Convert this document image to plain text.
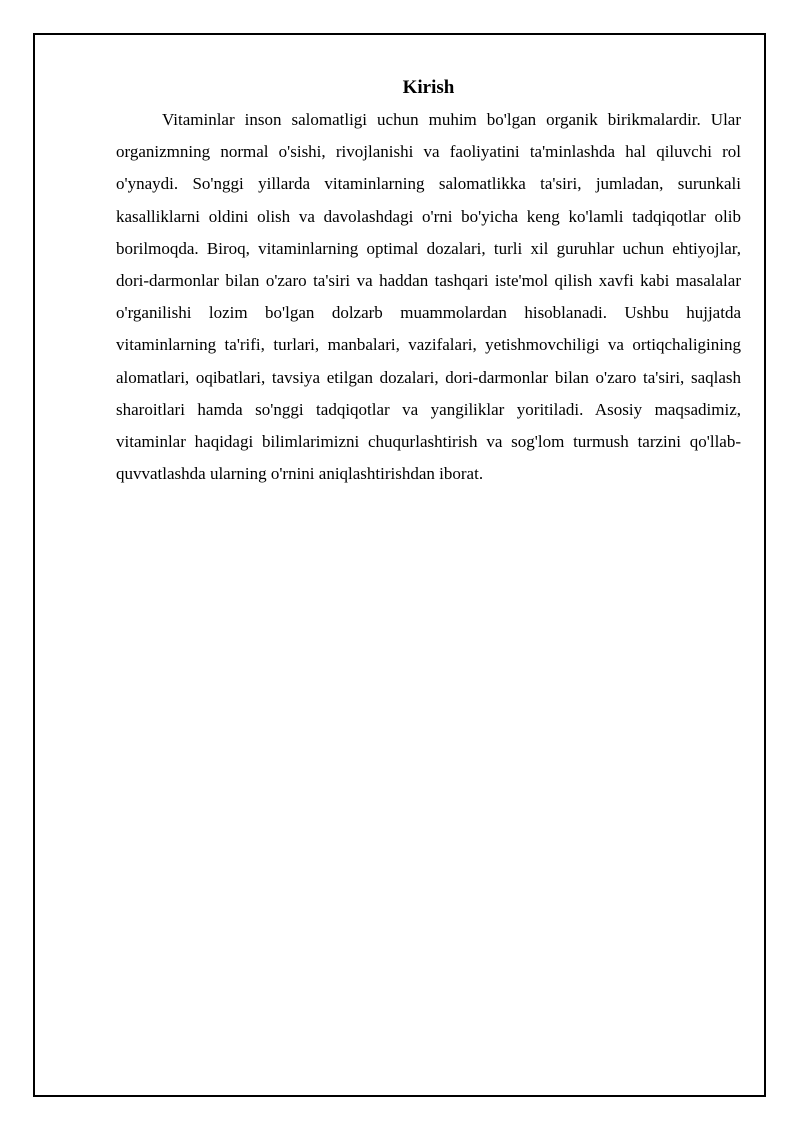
Kirish

Vitaminlar inson salomatligi uchun muhim bo'lgan organik birikmalardir. Ular organizmning normal o'sishi, rivojlanishi va faoliyatini ta'minlashda hal qiluvchi rol o'ynaydi. So'nggi yillarda vitaminlarning salomatlikka ta'siri, jumladan, surunkali kasalliklarni oldini olish va davolashdagi o'rni bo'yicha keng ko'lamli tadqiqotlar olib borilmoqda. Biroq, vitaminlarning optimal dozalari, turli xil guruhlar uchun ehtiyojlar, dori-darmonlar bilan o'zaro ta'siri va haddan tashqari iste'mol qilish xavfi kabi masalalar o'rganilishi lozim bo'lgan dolzarb muammolardan hisoblanadi. Ushbu hujjatda vitaminlarning ta'rifi, turlari, manbalari, vazifalari, yetishmovchiligi va ortiqchaligining alomatlari, oqibatlari, tavsiya etilgan dozalari, dori-darmonlar bilan o'zaro ta'siri, saqlash sharoitlari hamda so'nggi tadqiqotlar va yangiliklar yoritiladi. Asosiy maqsadimiz, vitaminlar haqidagi bilimlarimizni chuqurlashtirish va sog'lom turmush tarzini qo'llab-quvvatlashda ularning o'rnini aniqlashtirishdan iborat.
